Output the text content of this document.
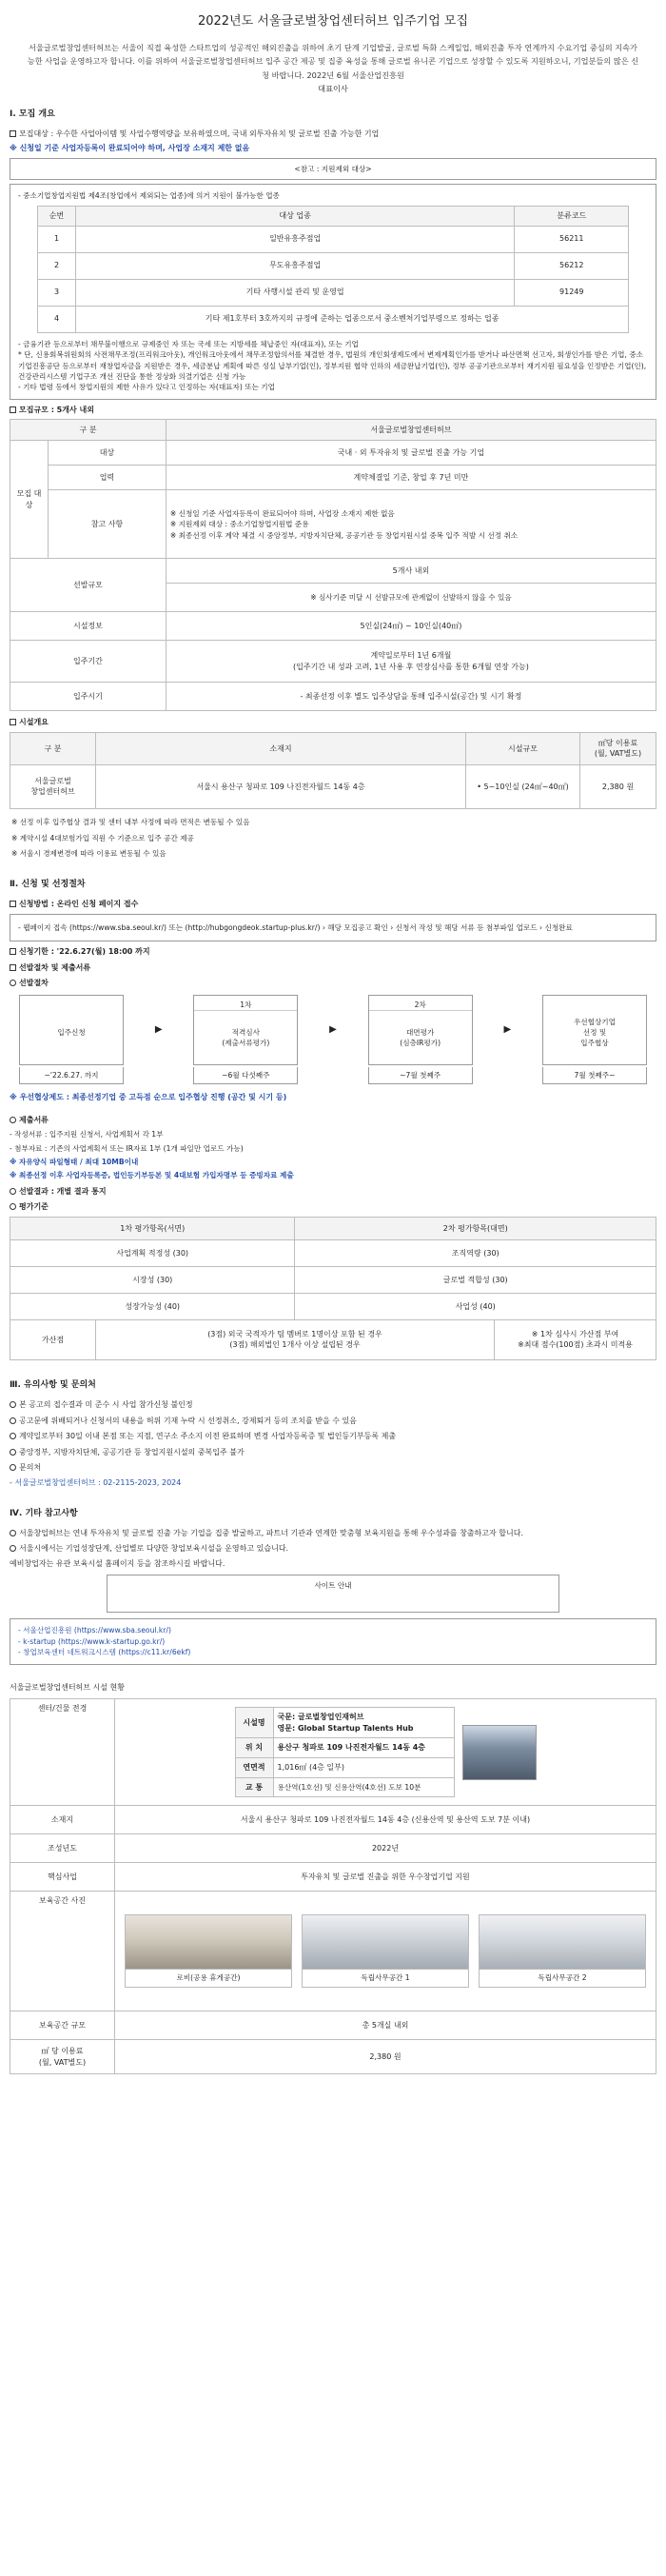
2022년도 서울글로벌창업센터허브 입주기업 모집
서울글로벌창업센터허브는 서울이 직접 육성한 스타트업의 성공적인 해외진출을 위하여 초기 단계 기업발굴, 글로벌 특화 스케일업, 해외진출 투자 연계까지 수요기업 중심의 지속가능한 사업을 운영하고자 합니다. 이를 위하여 서울글로벌창업센터허브 입주 공간 제공 및 집중 육성을 통해 글로벌 유니콘 기업으로 성장할 수 있도록 지원하오니, 기업분들의 많은 신청 바랍니다. 2022년 6월 서울산업진흥원
대표이사
Ⅰ. 모집 개요
모집대상 : 우수한 사업아이템 및 사업수행역량을 보유하였으며, 국내 외투자유치 및 글로벌 진출 가능한 기업
※ 신청일 기준 사업자등록이 완료되어야 하며, 사업장 소재지 제한 없음
<참고 : 지원제외 대상>
- 중소기업창업지원법 제4조(창업에서 제외되는 업종)에 의거 지원이 불가능한 업종
순번	대상 업종	분류코드
1	일반유흥주점업	56211
2	무도유흥주점업	56212
3	기타 사행시설 관리 및 운영업	91249
4	기타 제1호부터 3호까지의 규정에 준하는 업종으로서 중소벤처기업부령으로 정하는 업종	
- 금융기관 등으로부터 채무불이행으로 규제중인 자 또는 국세 또는 지방세를 체납중인 자(대표자), 또는 기업
* 단, 신용회복위원회의 사전채무조정(프리워크아웃), 개인워크아웃에서 채무조정합의서를 체결한 경우, 법원의 개인회생제도에서 변제계획인가를 받거나 파산면책 선고자, 회생인가를 받은 기업, 중소기업진흥공단 등으로부터 재창업자금을 지원받은 경우, 세금분납 계획에 따른 성실 납부기업(인), 정부지원 협약 인하의 세금완납기업(인), 정부 공공기관으로부터 재기지원 필요성을 인정받은 기업(인), 건강관리시스템 기업구조 개선 진단을 통한 정상화 의결기업은 신청 가능
- 기타 법령 등에서 창업지원의 제한 사유가 있다고 인정하는 자(대표자) 또는 기업
모집규모 : 5개사 내외
구 분		서울글로벌창업센터허브
모집 대상	대상	국내 · 외 투자유치 및 글로벌 진출 가능 기업
	업력	계약체결일 기준, 창업 후 7년 미만
	참고 사항	※ 신청일 기준 사업자등록이 완료되어야 하며, 사업장 소재지 제한 없음
※ 지원제외 대상 : 중소기업창업지원법 준용
※ 최종선정 이후 계약 체결 시 중앙정부, 지방자치단체, 공공기관 등 창업지원시설 중복 입주 적발 시 선정 취소
선발규모		5개사 내외
		※ 심사기준 미달 시 선발규모에 관계없이 선발하지 않을 수 있음
시설정보		5인실(24㎡) ~ 10인실(40㎡)
입주기간		계약일로부터 1년 6개월
(입주기간 내 성과 고려, 1년 사용 후 연장심사를 통한 6개월 연장 가능)
입주시기		- 최종선정 이후 별도 입주상담을 통해 입주시설(공간) 및 시기 확정
시설개요
구 분	소재지	시설규모	㎡당 이용료
(월, VAT별도)
서울글로벌
창업센터허브	서울시 용산구 청파로 109 나진전자월드 14동 4층	• 5~10인실 (24㎡~40㎡)	2,380 원
※ 선정 이후 입주협상 결과 및 센터 내부 사정에 따라 면적은 변동될 수 있음
※ 계약시설 4대보험가입 직원 수 기준으로 입주 공간 제공
※ 서울시 경제변경에 따라 이용료 변동될 수 있음
Ⅱ. 신청 및 선정절차
신청방법 : 온라인 신청 페이지 접수
- 웹페이지 접속 (https://www.sba.seoul.kr/) 또는 (http://hubgongdeok.startup-plus.kr/) › 해당 모집공고 확인 › 신청서 작성 및 해당 서류 등 첨부파일 업로드 › 신청완료
신청기한 : '22.6.27(월) 18:00 까지
선발절차 및 제출서류
선발절차
입주신청	▶
1차
적격심사
(제출서류평가)
▶
2차
대면평가
(심층IR평가)
▶
우선협상기업
선정 및
입주협상
~'22.6.27. 까지	~6월 다섯째주	~7월 첫째주	7월 첫째주~
※ 우선협상제도 : 최종선정기업 중 고득점 순으로 입주협상 진행 (공간 및 시기 등)
제출서류
- 작성서류 : 입주지원 신청서, 사업계획서 각 1부
- 첨부자료 : 기존의 사업계획서 또는 IR자료 1부 (1개 파일만 업로드 가능)
※ 자유양식 파일형태 / 최대 10MB이내
※ 최종선정 이후 사업자등록증, 법인등기부등본 및 4대보험 가입자명부 등 증빙자료 제출
선발결과 : 개별 결과 통지
평가기준
1차 평가항목(서면)		2차 평가항목(대면)	
사업계획 적정성 (30)		조직역량 (30)	
시장성 (30)		글로벌 적합성 (30)	
성장가능성 (40)		사업성 (40)	
가산점	(3점) 외국 국적자가 팀 멤버로 1명이상 포함 된 경우
(3점) 해외법인 1개사 이상 설립된 경우		※ 1차 심사시 가산점 부여
※최대 점수(100점) 초과시 미적용
Ⅲ. 유의사항 및 문의처
본 공고의 접수결과 미 준수 시 사업 참가신청 불인정
공고문에 위배되거나 신청서의 내용을 허위 기재 누락 시 선정취소, 강제퇴거 등의 조치를 받을 수 있음
계약일로부터 30일 이내 본점 또는 지점, 연구소 주소지 이전 완료하며 변경 사업자등록증 및 법인등기부등록 제출
중앙정부, 지방자치단체, 공공기관 등 창업지원시설의 중복입주 불가
문의처
- 서울글로벌창업센터허브 : 02-2115-2023, 2024
Ⅳ. 기타 참고사항
서울창업허브는 연내 투자유치 및 글로벌 진출 가능 기업을 집중 발굴하고, 파트너 기관과 연계한 맞춤형 보육지원을 통해 우수성과를 창출하고자 합니다.
서울시에서는 기업성장단계, 산업별로 다양한 창업보육시설을 운영하고 있습니다.
예비창업자는 유관 보육시설 홈페이지 등을 참조하시길 바랍니다.
사이트 안내
- 서울산업진흥원 (https://www.sba.seoul.kr/)
- k-startup (https://www.k-startup.go.kr/)
- 창업보육센터 네트워크시스템 (https://c11.kr/6ekf)
서울글로벌창업센터허브 시설 현황
센터/건물 전경	
시설명	국문: 글로벌창업인재허브
영문: Global Startup Talents Hub
위 치	용산구 청파로 109 나진전자월드 14동 4층
연면적	1,016㎡ (4층 일부)
교 통	용산역(1호선) 및 신용산역(4호선) 도보 10분

소재지	서울시 용산구 청파로 109 나진전자월드 14동 4층 (신용산역 및 용산역 도보 7분 이내)
조성년도	2022년
핵심사업	투자유치 및 글로벌 진출을 위한 우수창업기업 지원
보육공간 사진	
로비(공용 휴게공간)	독립사무공간 1	독립사무공간 2

보육공간 규모	총 5개실 내외
㎡ 당 이용료
(월, VAT별도)	2,380 원
